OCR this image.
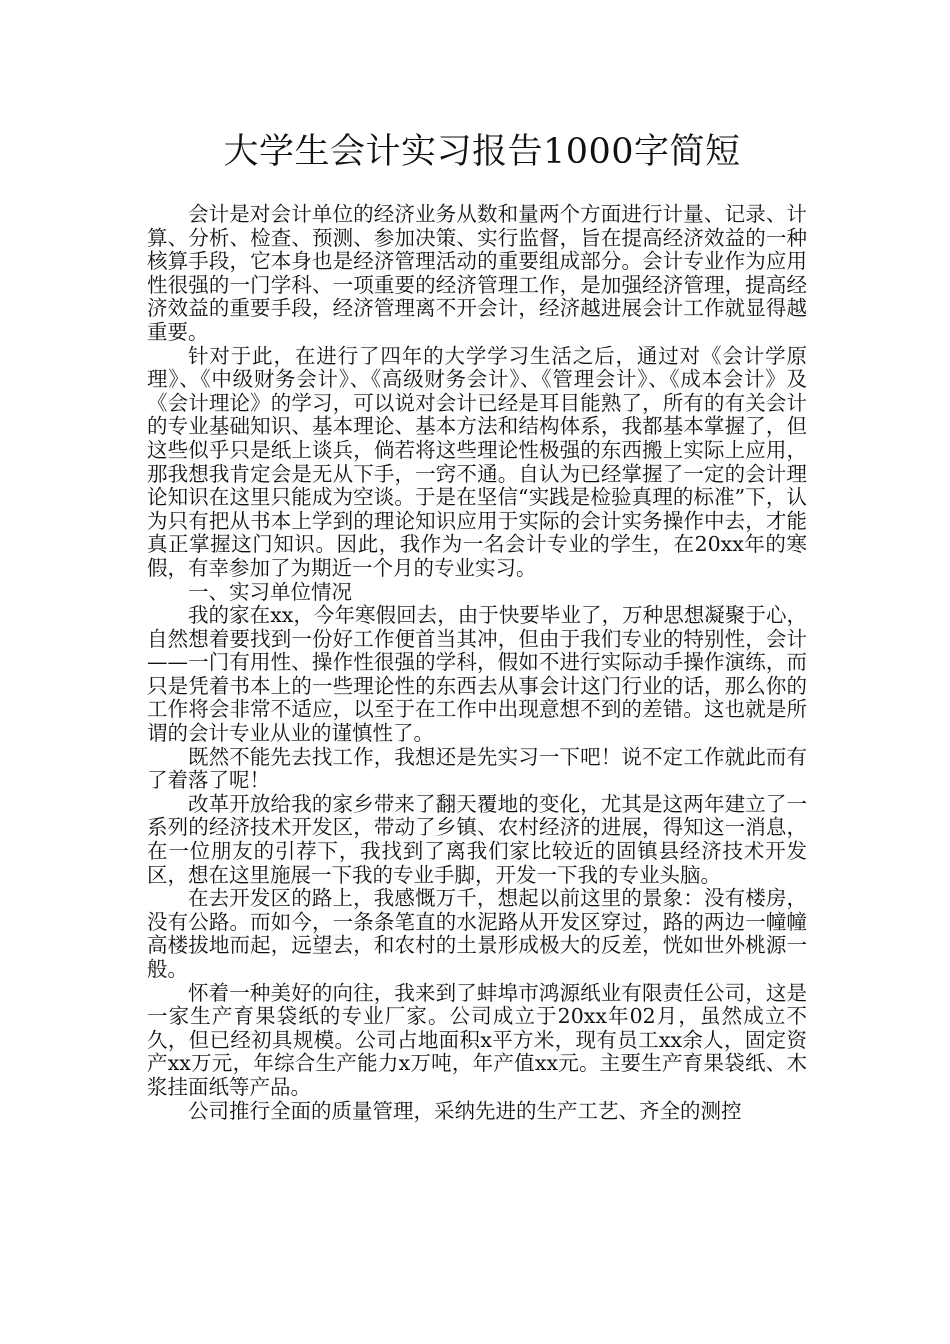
大学生会计实习报告1000字简短

会计是对会计单位的经济业务从数和量两个方面进行计量、记录、计算、分析、检查、预测、参加决策、实行监督，旨在提高经济效益的一种核算手段，它本身也是经济管理活动的重要组成部分。会计专业作为应用性很强的一门学科、一项重要的经济管理工作，是加强经济管理，提高经济效益的重要手段，经济管理离不开会计，经济越进展会计工作就显得越重要。

针对于此，在进行了四年的大学学习生活之后，通过对《会计学原理》、《中级财务会计》、《高级财务会计》、《管理会计》、《成本会计》及《会计理论》的学习，可以说对会计已经是耳目能熟了，所有的有关会计的专业基础知识、基本理论、基本方法和结构体系，我都基本掌握了，但这些似乎只是纸上谈兵，倘若将这些理论性极强的东西搬上实际上应用，那我想我肯定会是无从下手，一窍不通。自认为已经掌握了一定的会计理论知识在这里只能成为空谈。于是在坚信“实践是检验真理的标准”下，认为只有把从书本上学到的理论知识应用于实际的会计实务操作中去，才能真正掌握这门知识。因此，我作为一名会计专业的学生，在20xx年的寒假，有幸参加了为期近一个月的专业实习。

一、实习单位情况

我的家在xx，今年寒假回去，由于快要毕业了，万种思想凝聚于心，自然想着要找到一份好工作便首当其冲，但由于我们专业的特别性，会计——一门有用性、操作性很强的学科，假如不进行实际动手操作演练，而只是凭着书本上的一些理论性的东西去从事会计这门行业的话，那么你的工作将会非常不适应，以至于在工作中出现意想不到的差错。这也就是所谓的会计专业从业的谨慎性了。

既然不能先去找工作，我想还是先实习一下吧！说不定工作就此而有了着落了呢！

改革开放给我的家乡带来了翻天覆地的变化，尤其是这两年建立了一系列的经济技术开发区，带动了乡镇、农村经济的进展，得知这一消息，在一位朋友的引荐下，我找到了离我们家比较近的固镇县经济技术开发区，想在这里施展一下我的专业手脚，开发一下我的专业头脑。

在去开发区的路上，我感慨万千，想起以前这里的景象：没有楼房，没有公路。而如今，一条条笔直的水泥路从开发区穿过，路的两边一幢幢高楼拔地而起，远望去，和农村的土景形成极大的反差，恍如世外桃源一般。

怀着一种美好的向往，我来到了蚌埠市鸿源纸业有限责任公司，这是一家生产育果袋纸的专业厂家。公司成立于20xx年02月，虽然成立不久，但已经初具规模。公司占地面积x平方米，现有员工xx余人，固定资产xx万元，年综合生产能力x万吨，年产值xx元。主要生产育果袋纸、木浆挂面纸等产品。

公司推行全面的质量管理，采纳先进的生产工艺、齐全的测控
